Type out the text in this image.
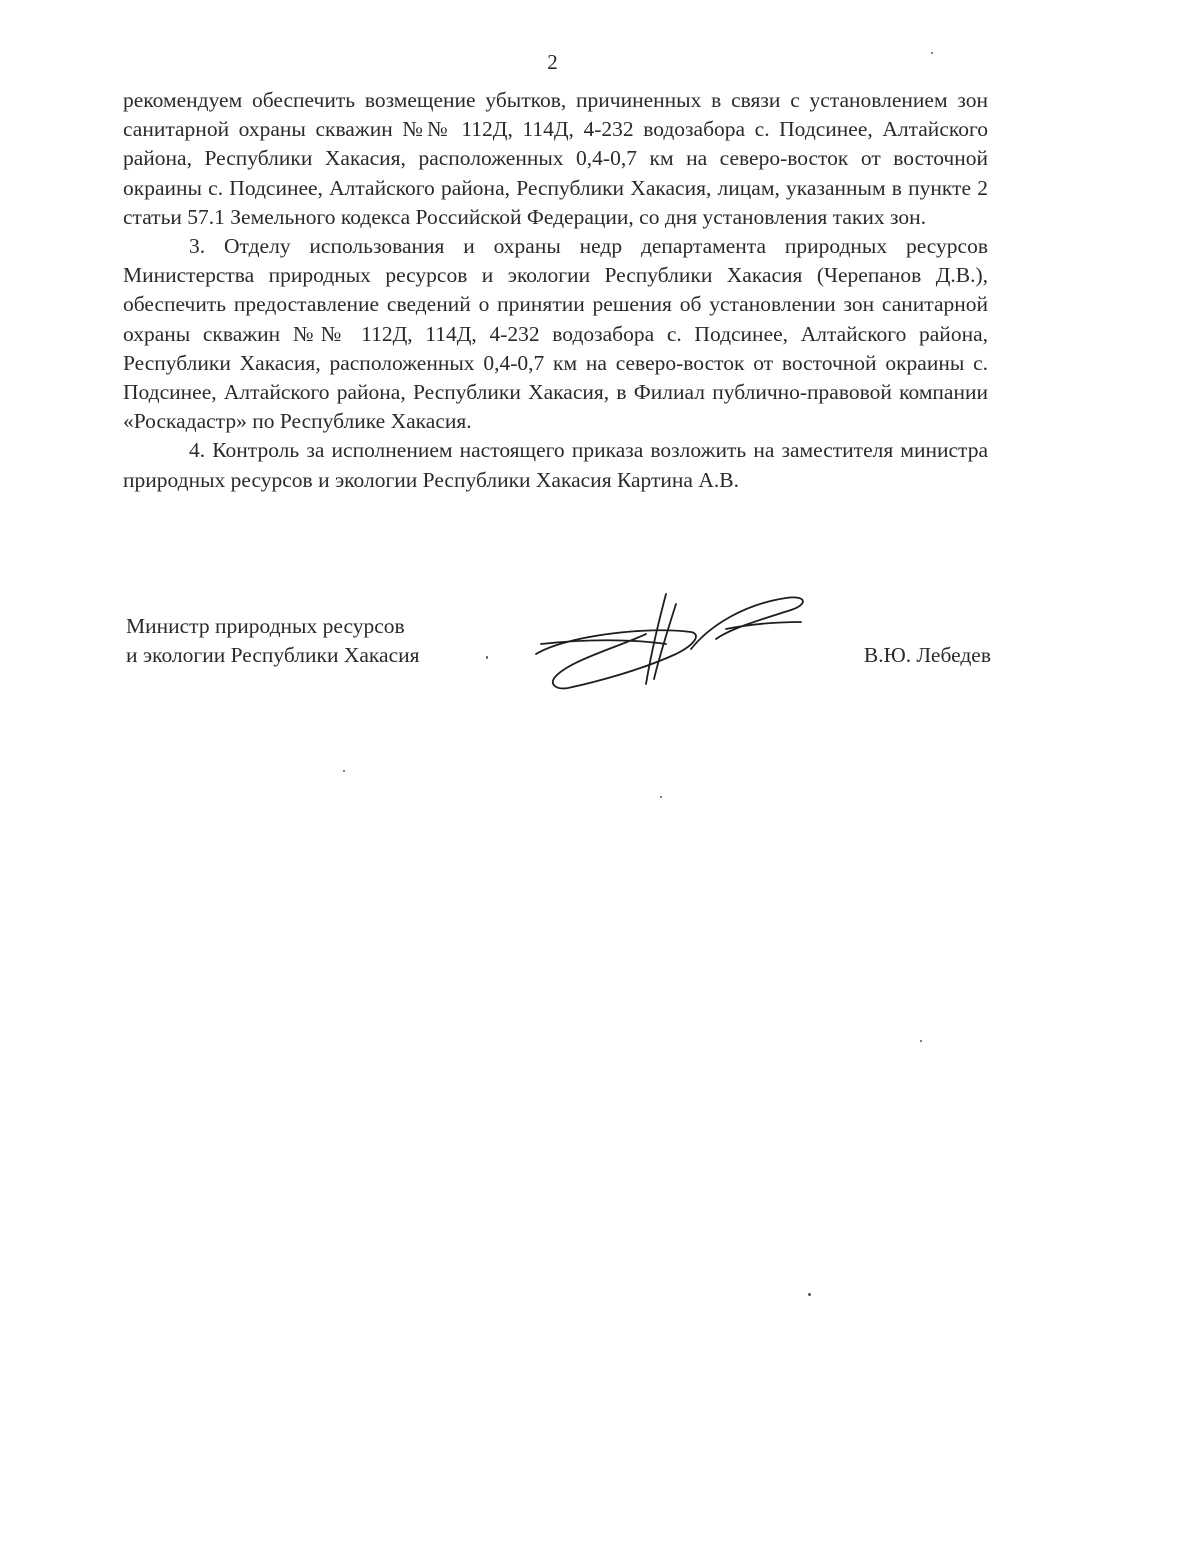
2

рекомендуем обеспечить возмещение убытков, причиненных в связи с установлением зон санитарной охраны скважин №№ 112Д, 114Д, 4-232 водозабора с. Подсинее, Алтайского района, Республики Хакасия, расположенных 0,4-0,7 км на северо-восток от восточной окраины с. Подсинее, Алтайского района, Республики Хакасия, лицам, указанным в пункте 2 статьи 57.1 Земельного кодекса Российской Федерации, со дня установления таких зон.

3. Отделу использования и охраны недр департамента природных ресурсов Министерства природных ресурсов и экологии Республики Хакасия (Черепанов Д.В.), обеспечить предоставление сведений о принятии решения об установлении зон санитарной охраны скважин №№ 112Д, 114Д, 4-232 водозабора с. Подсинее, Алтайского района, Республики Хакасия, расположенных 0,4-0,7 км на северо-восток от восточной окраины с. Подсинее, Алтайского района, Республики Хакасия, в Филиал публично-правовой компании «Роскадастр» по Республике Хакасия.

4. Контроль за исполнением настоящего приказа возложить на заместителя министра природных ресурсов и экологии Республики Хакасия Картина А.В.

Министр природных ресурсов
и экологии Республики Хакасия	В.Ю. Лебедев
